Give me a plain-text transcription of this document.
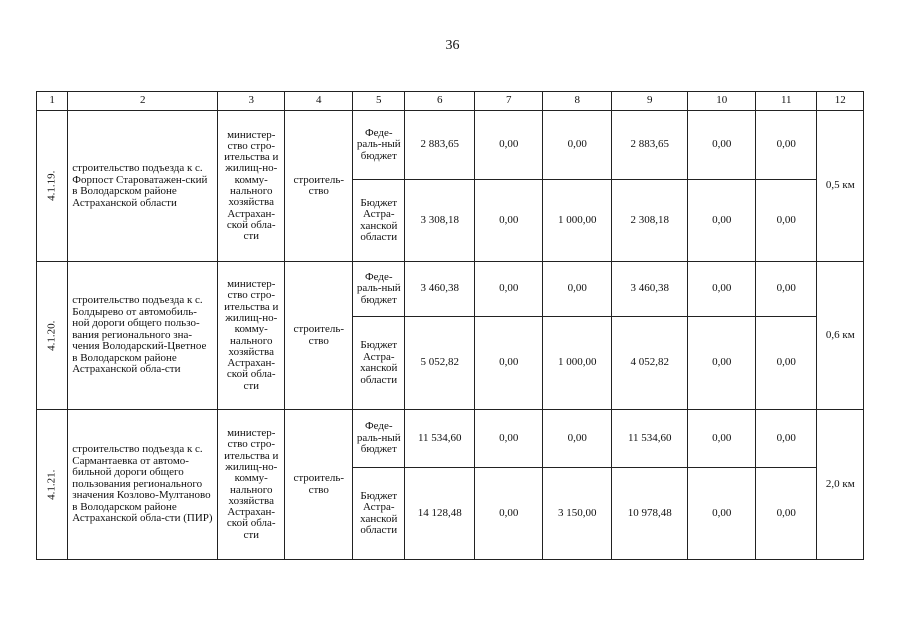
36
1	2	3	4	5	6	7	8	9	10	11	12
4.1.19.	строительство подъезда к с. Форпост Староватажен-ский в Володарском районе Астраханской области	министер-ство стро-ительства и жилищ-но-комму-нального хозяйства Астрахан-ской обла-сти	строитель-ство	Феде-раль-ный бюджет	2 883,65	0,00	0,00	2 883,65	0,00	0,00	0,5 км
				Бюджет Астра-ханской области	3 308,18	0,00	1 000,00	2 308,18	0,00	0,00	
4.1.20.	строительство подъезда к с. Болдырево от автомобиль-ной дороги общего пользо-вания регионального зна-чения Володарский-Цветное в Володарском районе Астраханской обла-сти	министер-ство стро-ительства и жилищ-но-комму-нального хозяйства Астрахан-ской обла-сти	строитель-ство	Феде-раль-ный бюджет	3 460,38	0,00	0,00	3 460,38	0,00	0,00	0,6 км
				Бюджет Астра-ханской области	5 052,82	0,00	1 000,00	4 052,82	0,00	0,00	
4.1.21.	строительство подъезда к с. Сармантаевка от автомо-бильной дороги общего пользования регионального значения Козлово-Мултаново в Володарском районе Астраханской обла-сти (ПИР)	министер-ство стро-ительства и жилищ-но-комму-нального хозяйства Астрахан-ской обла-сти	строитель-ство	Феде-раль-ный бюджет	11 534,60	0,00	0,00	11 534,60	0,00	0,00	2,0 км
				Бюджет Астра-ханской области	14 128,48	0,00	3 150,00	10 978,48	0,00	0,00	
